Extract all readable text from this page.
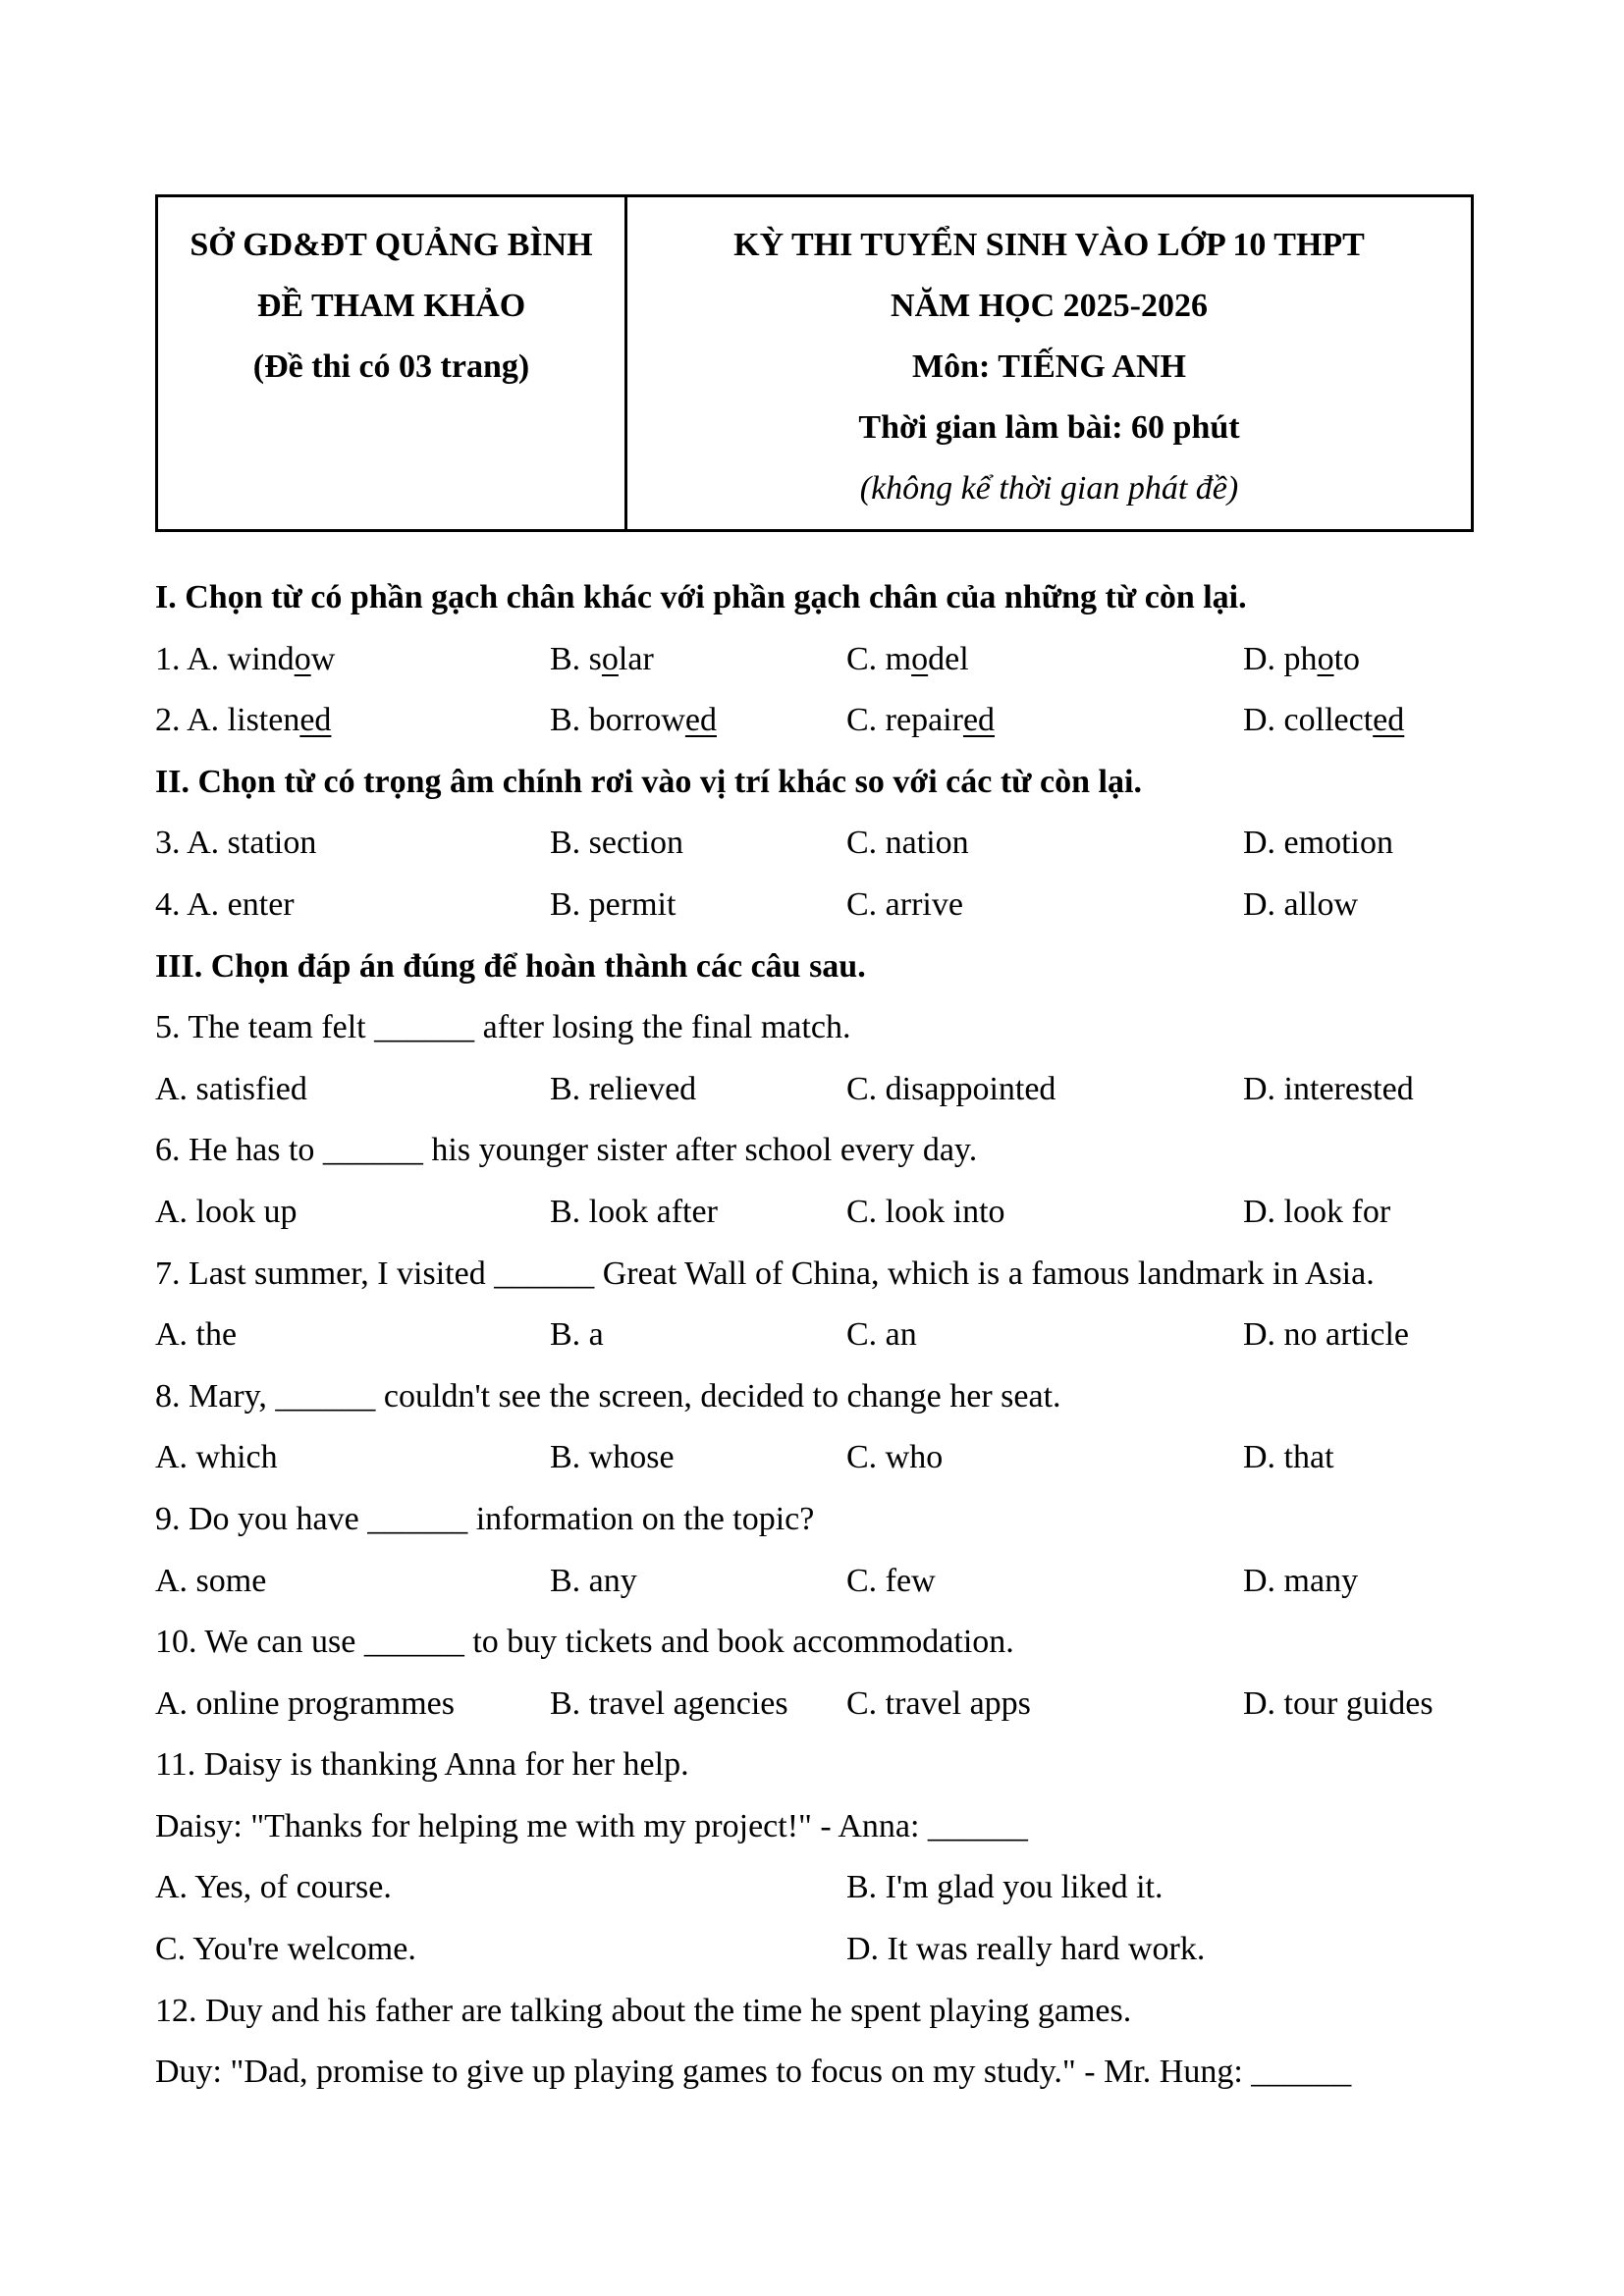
SỞ GD&ĐT QUẢNG BÌNH
ĐỀ THAM KHẢO
(Đề thi có 03 trang)
KỲ THI TUYỂN SINH VÀO LỚP 10 THPT
NĂM HỌC 2025-2026
Môn: TIẾNG ANH
Thời gian làm bài: 60 phút
(không kể thời gian phát đề)
I. Chọn từ có phần gạch chân khác với phần gạch chân của những từ còn lại.
1. A. window	B. solar	C. model	D. photo
2. A. listened	B. borrowed	C. repaired	D. collected
II. Chọn từ có trọng âm chính rơi vào vị trí khác so với các từ còn lại.
3. A. station	B. section	C. nation	D. emotion
4. A. enter	B. permit	C. arrive	D. allow
III. Chọn đáp án đúng để hoàn thành các câu sau.
5. The team felt ______ after losing the final match.
A. satisfied	B. relieved	C. disappointed	D. interested
6. He has to ______ his younger sister after school every day.
A. look up	B. look after	C. look into	D. look for
7. Last summer, I visited ______ Great Wall of China, which is a famous landmark in Asia.
A. the	B. a	C. an	D. no article
8. Mary, ______ couldn't see the screen, decided to change her seat.
A. which	B. whose	C. who	D. that
9. Do you have ______ information on the topic?
A. some	B. any	C. few	D. many
10. We can use ______ to buy tickets and book accommodation.
A. online programmes	B. travel agencies C. travel apps	D. tour guides
11. Daisy is thanking Anna for her help.
Daisy: "Thanks for helping me with my project!" - Anna: ______
A. Yes, of course.	B. I'm glad you liked it.
C. You're welcome.	D. It was really hard work.
12. Duy and his father are talking about the time he spent playing games.
Duy: "Dad, promise to give up playing games to focus on my study." - Mr. Hung: ______
